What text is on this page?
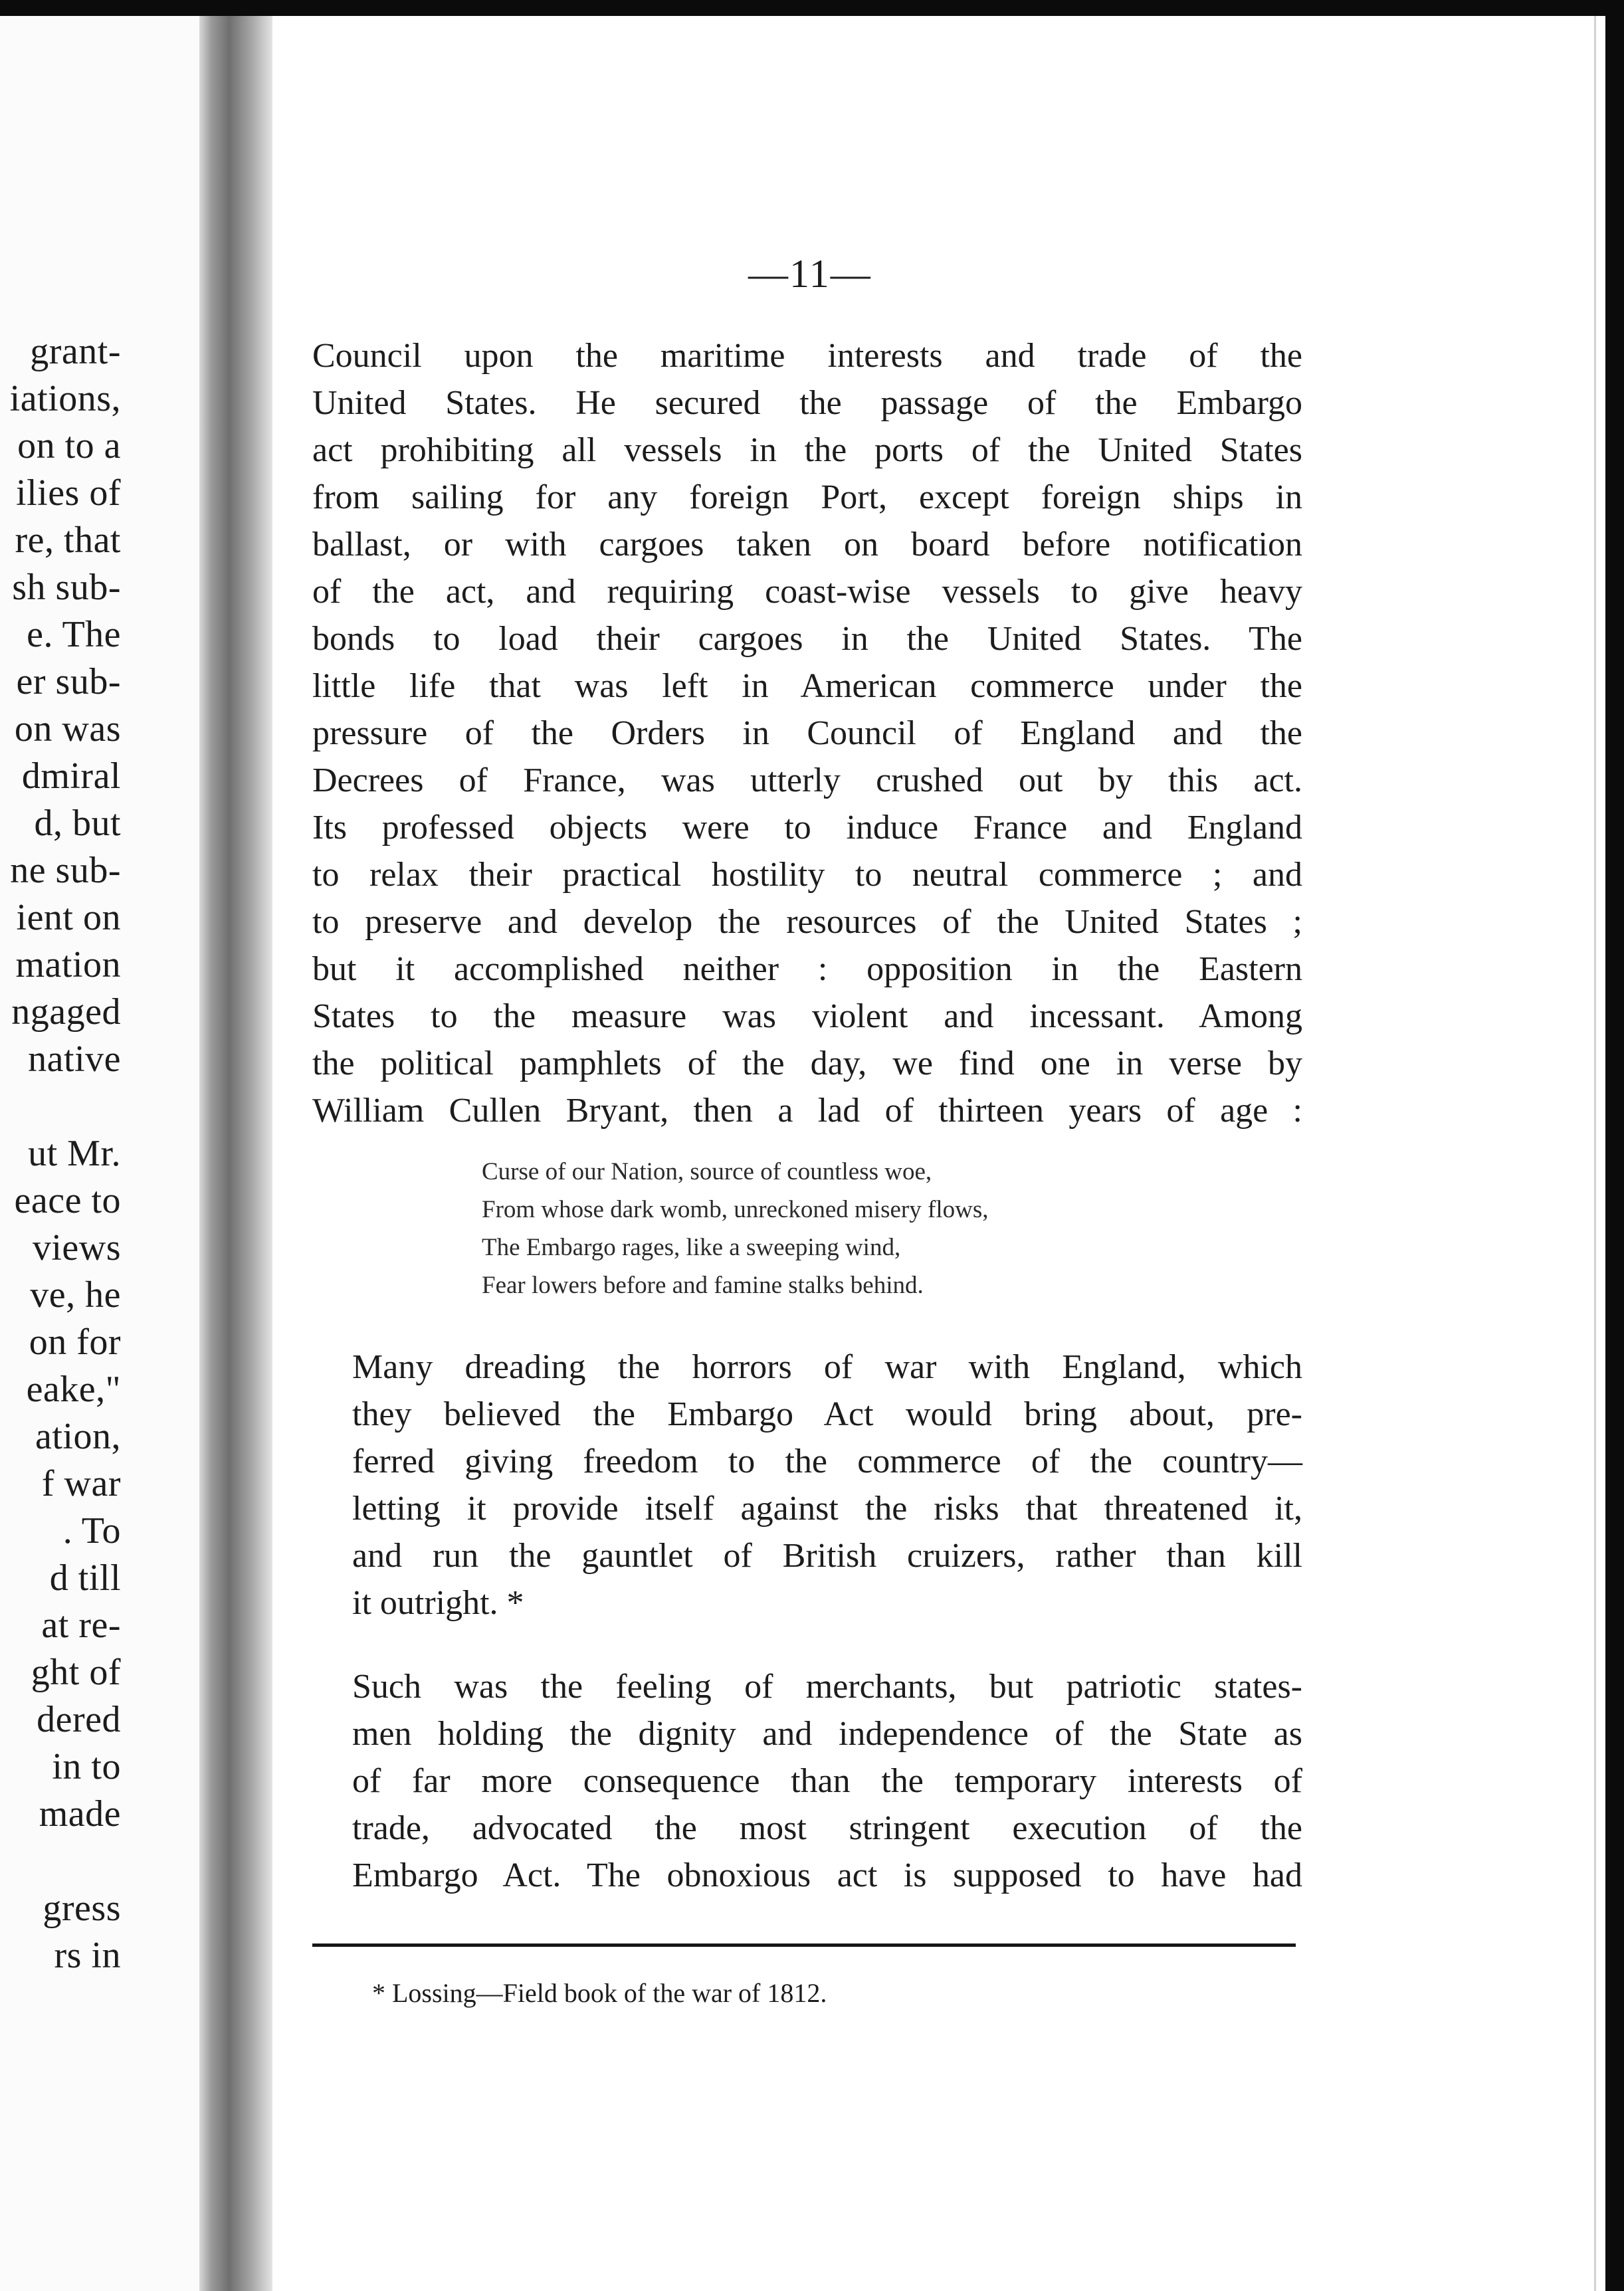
grant-
iations,
on to a
ilies of
re, that
sh sub-
e. The
er sub-
on was
dmiral
d, but
ne sub-
ient on
mation
ngaged
native

ut Mr.
eace to
views
ve, he
on for
eake,"
ation,
f war
. To
d till
at re-
ght of
dered
in to
made

gress
rs in
—11—
Council upon the maritime interests and trade of the
United States. He secured the passage of the Embargo
act prohibiting all vessels in the ports of the United States
from sailing for any foreign Port, except foreign ships in
ballast, or with cargoes taken on board before notification
of the act, and requiring coast-wise vessels to give heavy
bonds to load their cargoes in the United States. The
little life that was left in American commerce under the
pressure of the Orders in Council of England and the
Decrees of France, was utterly crushed out by this act.
Its professed objects were to induce France and England
to relax their practical hostility to neutral commerce ; and
to preserve and develop the resources of the United States ;
but it accomplished neither : opposition in the Eastern
States to the measure was violent and incessant. Among
the political pamphlets of the day, we find one in verse by
William Cullen Bryant, then a lad of thirteen years of age :
Curse of our Nation, source of countless woe,
From whose dark womb, unreckoned misery flows,
The Embargo rages, like a sweeping wind,
Fear lowers before and famine stalks behind.
Many dreading the horrors of war with England, which
they believed the Embargo Act would bring about, pre-
ferred giving freedom to the commerce of the country—
letting it provide itself against the risks that threatened it,
and run the gauntlet of British cruizers, rather than kill
it outright. *
Such was the feeling of merchants, but patriotic states-
men holding the dignity and independence of the State as
of far more consequence than the temporary interests of
trade, advocated the most stringent execution of the
Embargo Act. The obnoxious act is supposed to have had
* Lossing—Field book of the war of 1812.
